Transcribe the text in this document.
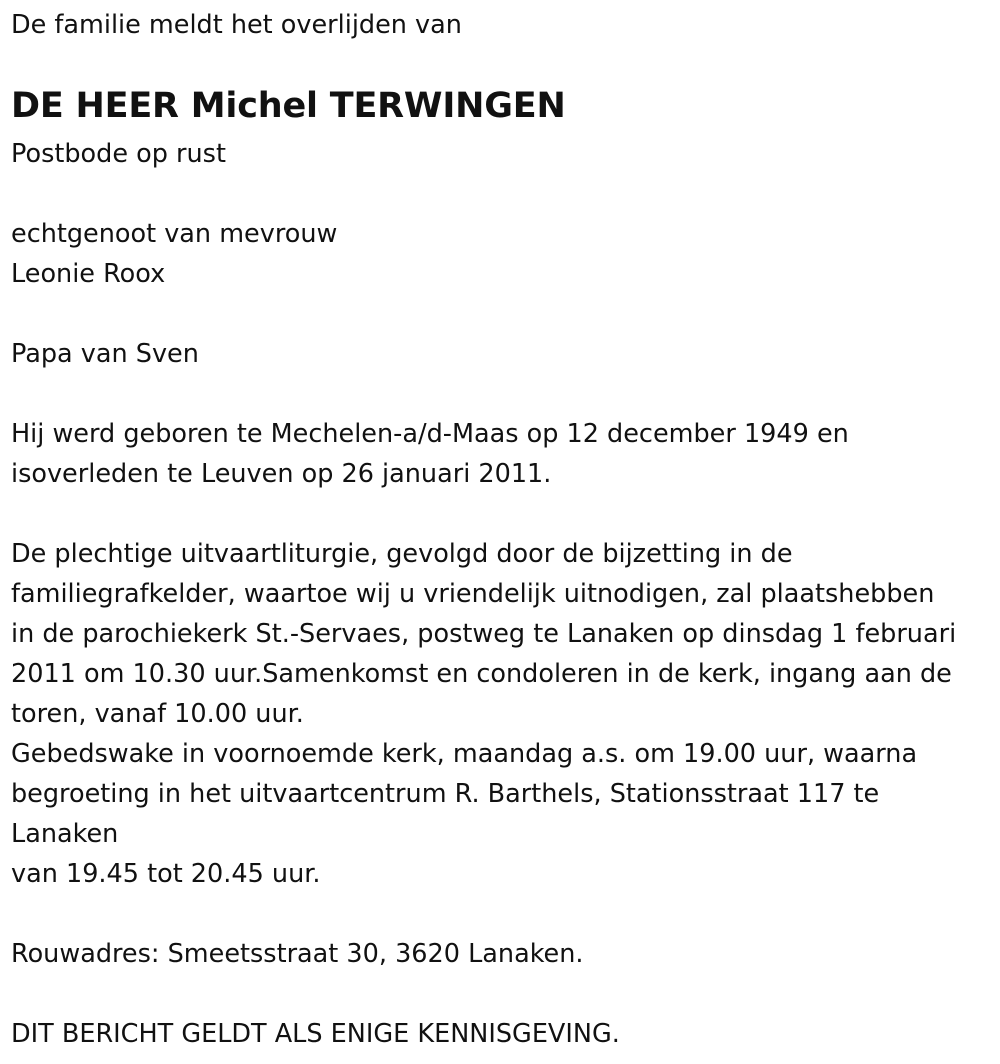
De familie meldt het overlijden van

DE HEER Michel TERWINGEN

Postbode op rust

echtgenoot van mevrouw

Leonie Roox

Papa van Sven

Hij werd geboren te Mechelen-a/d-Maas op 12 december 1949 en

isoverleden te Leuven op 26 januari 2011.

De plechtige uitvaartliturgie, gevolgd door de bijzetting in de

familiegrafkelder, waartoe wij u vriendelijk uitnodigen, zal plaatshebben

in de parochiekerk St.-Servaes, postweg te Lanaken op dinsdag 1 februari

2011 om 10.30 uur.Samenkomst en condoleren in de kerk, ingang aan de

toren, vanaf 10.00 uur.

Gebedswake in voornoemde kerk, maandag a.s. om 19.00 uur, waarna

begroeting in het uitvaartcentrum R. Barthels, Stationsstraat 117 te

Lanaken

van 19.45 tot 20.45 uur.

Rouwadres: Smeetsstraat 30, 3620 Lanaken.

DIT BERICHT GELDT ALS ENIGE KENNISGEVING.
